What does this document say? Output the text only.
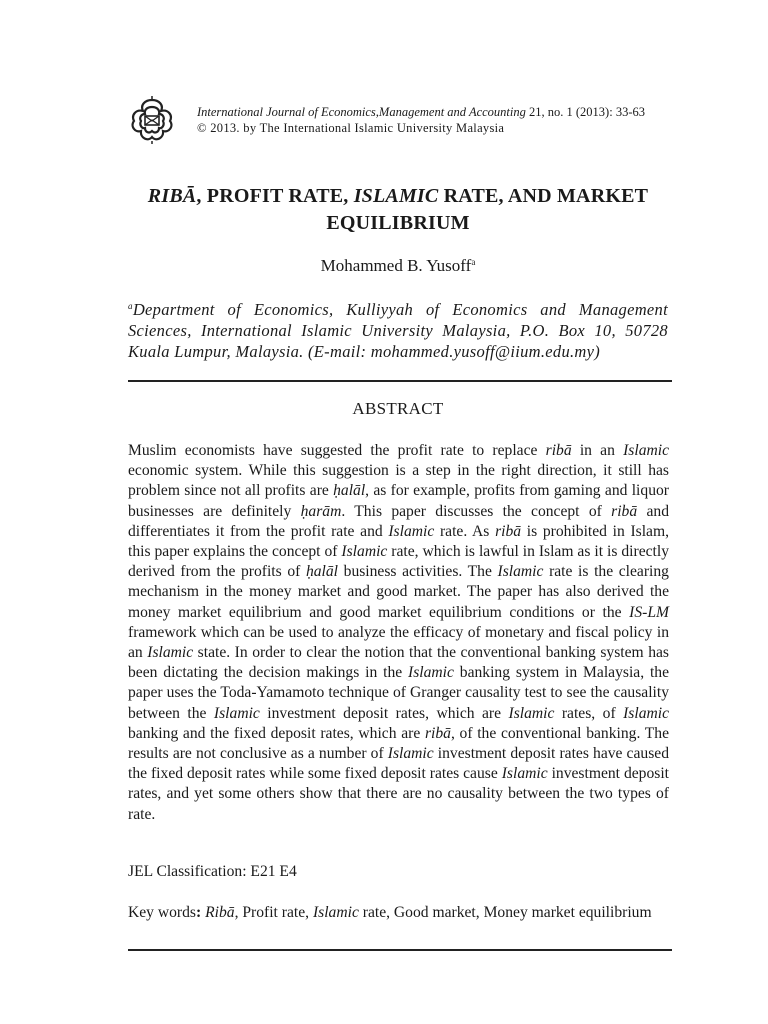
International Journal of Economics,Management and Accounting 21, no. 1 (2013): 33-63
© 2013. by The International Islamic University Malaysia
RIBĀ, PROFIT RATE, ISLAMIC RATE, AND MARKET EQUILIBRIUM
Mohammed B. Yusoff$^a$
$^a$Department of Economics, Kulliyyah of Economics and Management Sciences, International Islamic University Malaysia, P.O. Box 10, 50728 Kuala Lumpur, Malaysia. (E-mail: mohammed.yusoff@iium.edu.my)
ABSTRACT
Muslim economists have suggested the profit rate to replace ribā in an Islamic economic system. While this suggestion is a step in the right direction, it still has problem since not all profits are ḥalāl, as for example, profits from gaming and liquor businesses are definitely ḥarām. This paper discusses the concept of ribā and differentiates it from the profit rate and Islamic rate. As ribā is prohibited in Islam, this paper explains the concept of Islamic rate, which is lawful in Islam as it is directly derived from the profits of ḥalāl business activities. The Islamic rate is the clearing mechanism in the money market and good market. The paper has also derived the money market equilibrium and good market equilibrium conditions or the IS-LM framework which can be used to analyze the efficacy of monetary and fiscal policy in an Islamic state. In order to clear the notion that the conventional banking system has been dictating the decision makings in the Islamic banking system in Malaysia, the paper uses the Toda-Yamamoto technique of Granger causality test to see the causality between the Islamic investment deposit rates, which are Islamic rates, of Islamic banking and the fixed deposit rates, which are ribā, of the conventional banking. The results are not conclusive as a number of Islamic investment deposit rates have caused the fixed deposit rates while some fixed deposit rates cause Islamic investment deposit rates, and yet some others show that there are no causality between the two types of rate.
JEL Classification: E21 E4
Key words: Ribā, Profit rate, Islamic rate, Good market, Money market equilibrium
